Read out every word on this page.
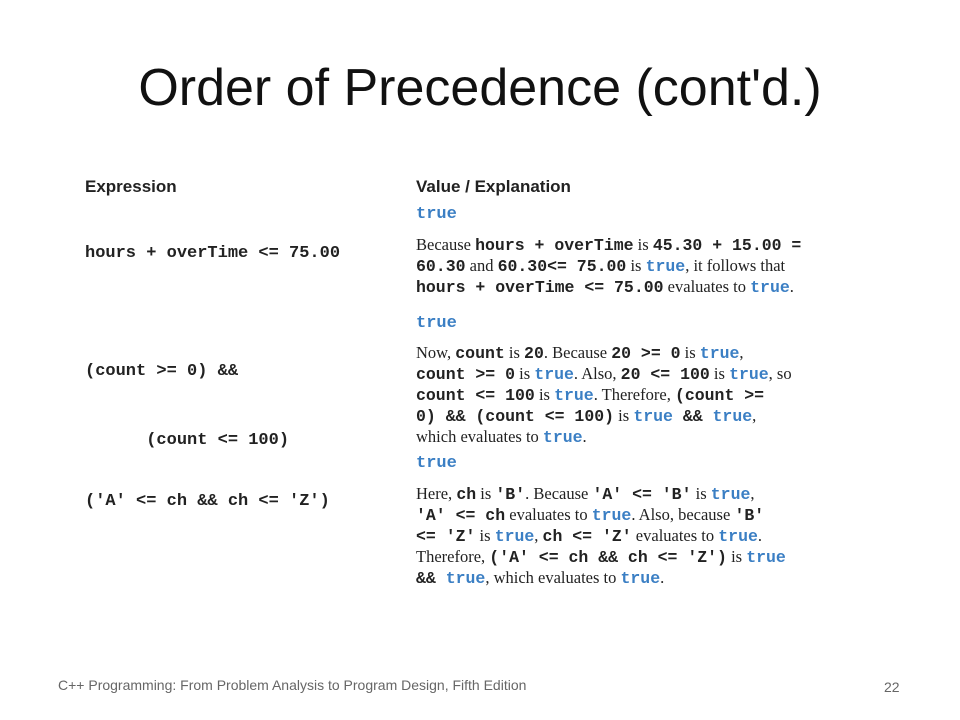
Order of Precedence (cont'd.)
Expression	Value / Explanation

hours + overTime <= 75.00

true
Because hours + overTime is 45.30 + 15.00 =
60.30 and 60.30<= 75.00 is true, it follows that
hours + overTime <= 75.00 evaluates to true.

(count >= 0) &&

(count <= 100)

true
Now, count is 20. Because 20 >= 0 is true,
count >= 0 is true. Also, 20 <= 100 is true, so
count <= 100 is true. Therefore, (count >=
0) && (count <= 100) is true && true,
which evaluates to true.

('A' <= ch && ch <= 'Z')

true
Here, ch is 'B'. Because 'A' <= 'B' is true,
'A' <= ch evaluates to true. Also, because 'B'
<= 'Z' is true, ch <= 'Z' evaluates to true.
Therefore, ('A' <= ch && ch <= 'Z') is true
&& true, which evaluates to true.
C++ Programming: From Problem Analysis to Program Design, Fifth Edition	22
